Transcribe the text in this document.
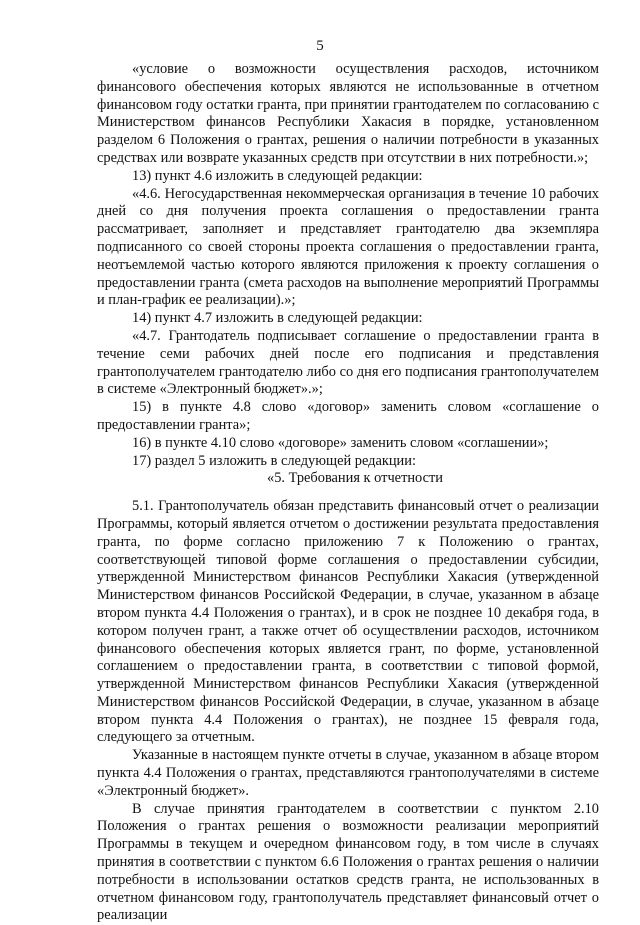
5

«условие о возможности осуществления расходов, источником финансового обеспечения которых являются не использованные в отчетном финансовом году остатки гранта, при принятии грантодателем по согласованию с Министерством финансов Республики Хакасия в порядке, установленном разделом 6 Положения о грантах, решения о наличии потребности в указанных средствах или возврате указанных средств при отсутствии в них потребности.»;

13) пункт 4.6 изложить в следующей редакции:

«4.6. Негосударственная некоммерческая организация в течение 10 рабочих дней со дня получения проекта соглашения о предоставлении гранта рассматривает, заполняет и представляет грантодателю два экземпляра подписанного со своей стороны проекта соглашения о предоставлении гранта, неотъемлемой частью которого являются приложения к проекту соглашения о предоставлении гранта (смета расходов на выполнение мероприятий Программы и план-график ее реализации).»;

14) пункт 4.7 изложить в следующей редакции:

«4.7. Грантодатель подписывает соглашение о предоставлении гранта в течение семи рабочих дней после его подписания и представления грантополучателем грантодателю либо со дня его подписания грантополучателем в системе «Электронный бюджет».»;

15) в пункте 4.8 слово «договор» заменить словом «соглашение о предоставлении гранта»;

16) в пункте 4.10 слово «договоре» заменить словом «соглашении»;

17) раздел 5 изложить в следующей редакции:

«5. Требования к отчетности

5.1. Грантополучатель обязан представить финансовый отчет о реализации Программы, который является отчетом о достижении результата предоставления гранта, по форме согласно приложению 7 к Положению о грантах, соответствующей типовой форме соглашения о предоставлении субсидии, утвержденной Министерством финансов Республики Хакасия (утвержденной Министерством финансов Российской Федерации, в случае, указанном в абзаце втором пункта 4.4 Положения о грантах), и в срок не позднее 10 декабря года, в котором получен грант, а также отчет об осуществлении расходов, источником финансового обеспечения которых является грант, по форме, установленной соглашением о предоставлении гранта, в соответствии с типовой формой, утвержденной Министерством финансов Республики Хакасия (утвержденной Министерством финансов Российской Федерации, в случае, указанном в абзаце втором пункта 4.4 Положения о грантах), не позднее 15 февраля года, следующего за отчетным.

Указанные в настоящем пункте отчеты в случае, указанном в абзаце втором пункта 4.4 Положения о грантах, представляются грантополучателями в системе «Электронный бюджет».

В случае принятия грантодателем в соответствии с пунктом 2.10 Положения о грантах решения о возможности реализации мероприятий Программы в текущем и очередном финансовом году, в том числе в случаях принятия в соответствии с пунктом 6.6 Положения о грантах решения о наличии потребности в использовании остатков средств гранта, не использованных в отчетном финансовом году, грантополучатель представляет финансовый отчет о реализации
